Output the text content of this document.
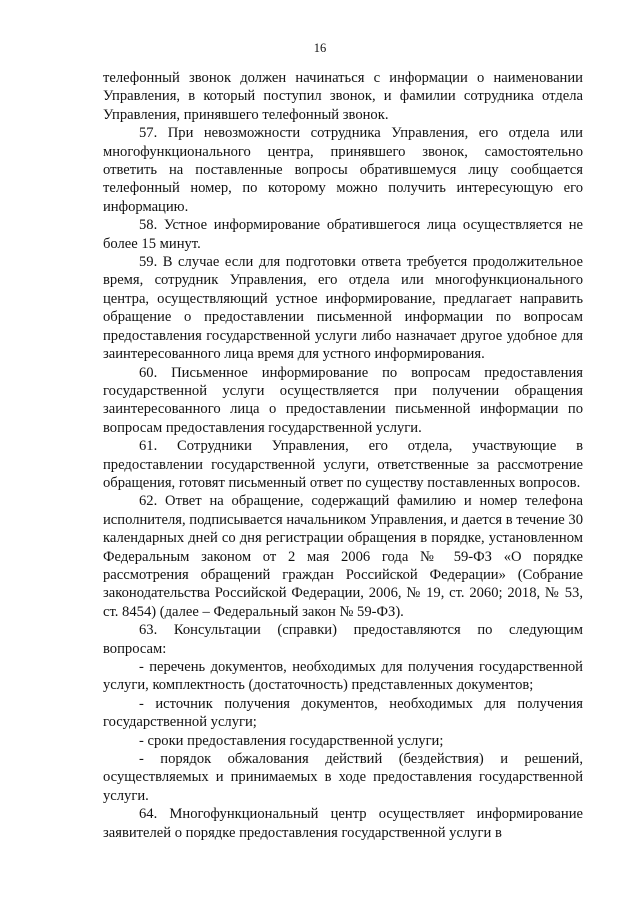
16

телефонный звонок должен начинаться с информации о наименовании Управления, в который поступил звонок, и фамилии сотрудника отдела Управления, принявшего телефонный звонок.

57. При невозможности сотрудника Управления, его отдела или многофункционального центра, принявшего звонок, самостоятельно ответить на поставленные вопросы обратившемуся лицу сообщается телефонный номер, по которому можно получить интересующую его информацию.

58. Устное информирование обратившегося лица осуществляется не более 15 минут.

59. В случае если для подготовки ответа требуется продолжительное время, сотрудник Управления, его отдела или многофункционального центра, осуществляющий устное информирование, предлагает направить обращение о предоставлении письменной информации по вопросам предоставления государственной услуги либо назначает другое удобное для заинтересованного лица время для устного информирования.

60. Письменное информирование по вопросам предоставления государственной услуги осуществляется при получении обращения заинтересованного лица о предоставлении письменной информации по вопросам предоставления государственной услуги.

61. Сотрудники Управления, его отдела, участвующие в предоставлении государственной услуги, ответственные за рассмотрение обращения, готовят письменный ответ по существу поставленных вопросов.

62. Ответ на обращение, содержащий фамилию и номер телефона исполнителя, подписывается начальником Управления, и дается в течение 30 календарных дней со дня регистрации обращения в порядке, установленном Федеральным законом от 2 мая 2006 года № 59-ФЗ «О порядке рассмотрения обращений граждан Российской Федерации» (Собрание законодательства Российской Федерации, 2006, № 19, ст. 2060; 2018, № 53, ст. 8454) (далее – Федеральный закон № 59-ФЗ).

63. Консультации (справки) предоставляются по следующим вопросам:

- перечень документов, необходимых для получения государственной услуги, комплектность (достаточность) представленных документов;

- источник получения документов, необходимых для получения государственной услуги;

- сроки предоставления государственной услуги;

- порядок обжалования действий (бездействия) и решений, осуществляемых и принимаемых в ходе предоставления государственной услуги.

64. Многофункциональный центр осуществляет информирование заявителей о порядке предоставления государственной услуги в
